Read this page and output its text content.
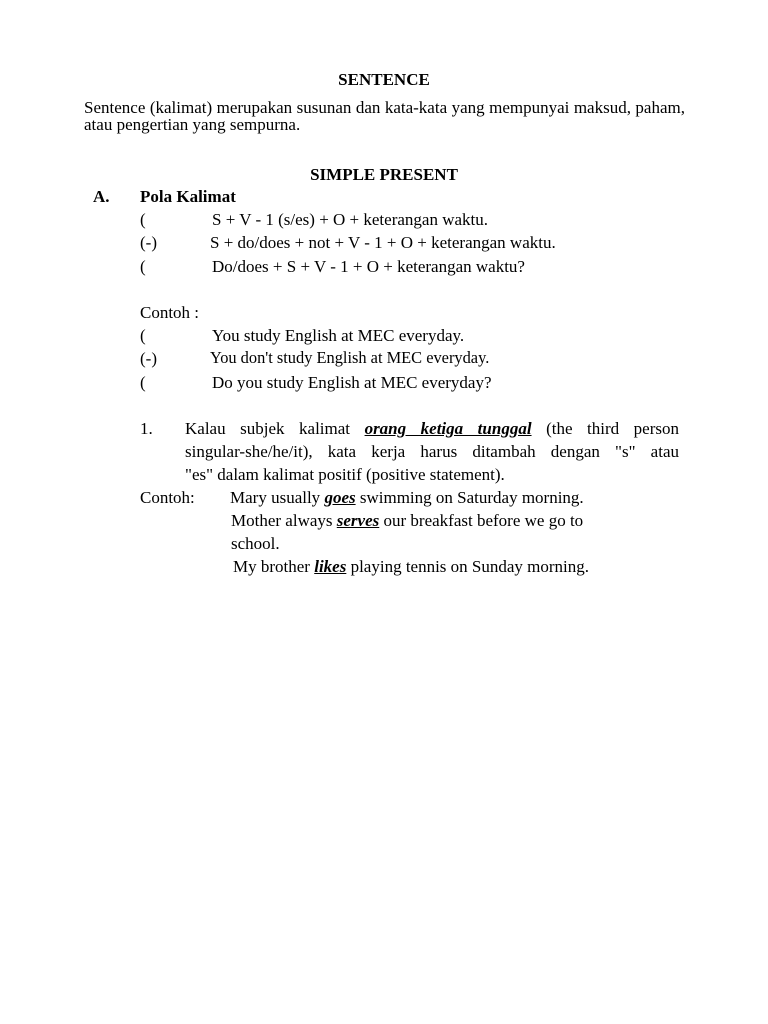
SENTENCE
Sentence (kalimat) merupakan susunan dan kata-kata yang mempunyai maksud, paham, atau pengertian yang sempurna.
SIMPLE PRESENT
A. Pola Kalimat
(	S + V - 1 (s/es) + O + keterangan waktu.
(-)	S + do/does + not + V - 1 + O + keterangan waktu.
(	Do/does + S + V - 1 + O + keterangan waktu?
Contoh :
(	You study English at MEC everyday.
(-)	You don't study English at MEC everyday.
(	Do you study English at MEC everyday?
1. Kalau subjek kalimat orang ketiga tunggal (the third person
singular-she/he/it), kata kerja harus ditambah dengan "s" atau
"es" dalam kalimat positif (positive statement).
Contoh: Mary usually goes swimming on Saturday morning.
Mother always serves our breakfast before we go to
school.
My brother likes playing tennis on Sunday morning.
